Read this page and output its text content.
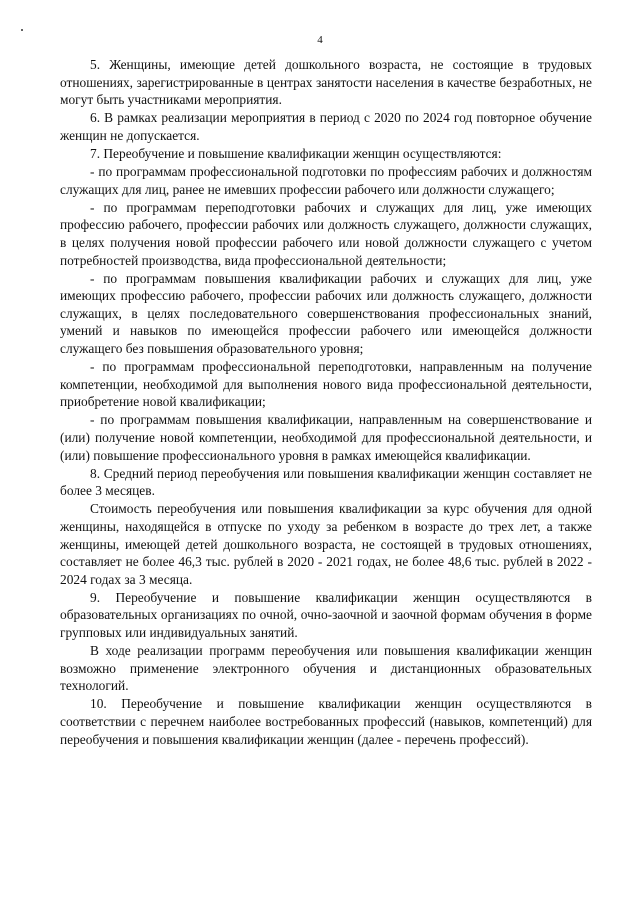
4

5. Женщины, имеющие детей дошкольного возраста, не состоящие в трудовых отношениях, зарегистрированные в центрах занятости населения в качестве безработных, не могут быть участниками мероприятия.

6. В рамках реализации мероприятия в период с 2020 по 2024 год повторное обучение женщин не допускается.

7. Переобучение и повышение квалификации женщин осуществляются:

- по программам профессиональной подготовки по профессиям рабочих и должностям служащих для лиц, ранее не имевших профессии рабочего или должности служащего;

- по программам переподготовки рабочих и служащих для лиц, уже имеющих профессию рабочего, профессии рабочих или должность служащего, должности служащих, в целях получения новой профессии рабочего или новой должности служащего с учетом потребностей производства, вида профессиональной деятельности;

- по программам повышения квалификации рабочих и служащих для лиц, уже имеющих профессию рабочего, профессии рабочих или должность служащего, должности служащих, в целях последовательного совершенствования профессиональных знаний, умений и навыков по имеющейся профессии рабочего или имеющейся должности служащего без повышения образовательного уровня;

- по программам профессиональной переподготовки, направленным на получение компетенции, необходимой для выполнения нового вида профессиональной деятельности, приобретение новой квалификации;

- по программам повышения квалификации, направленным на совершенствование и (или) получение новой компетенции, необходимой для профессиональной деятельности, и (или) повышение профессионального уровня в рамках имеющейся квалификации.

8. Средний период переобучения или повышения квалификации женщин составляет не более 3 месяцев.

Стоимость переобучения или повышения квалификации за курс обучения для одной женщины, находящейся в отпуске по уходу за ребенком в возрасте до трех лет, а также женщины, имеющей детей дошкольного возраста, не состоящей в трудовых отношениях, составляет не более 46,3 тыс. рублей в 2020 - 2021 годах, не более 48,6 тыс. рублей в 2022 - 2024 годах за 3 месяца.

9. Переобучение и повышение квалификации женщин осуществляются в образовательных организациях по очной, очно-заочной и заочной формам обучения в форме групповых или индивидуальных занятий.

В ходе реализации программ переобучения или повышения квалификации женщин возможно применение электронного обучения и дистанционных образовательных технологий.

10. Переобучение и повышение квалификации женщин осуществляются в соответствии с перечнем наиболее востребованных профессий (навыков, компетенций) для переобучения и повышения квалификации женщин (далее - перечень профессий).
